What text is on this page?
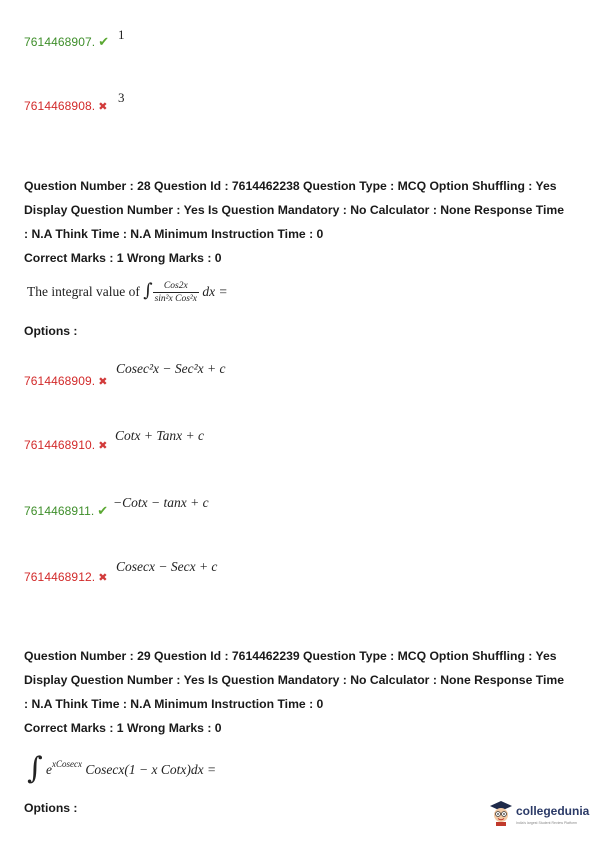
7614468907. ✔ 1
7614468908. ✖
3
Question Number : 28 Question Id : 7614462238 Question Type : MCQ Option Shuffling : Yes
Display Question Number : Yes Is Question Mandatory : No Calculator : None Response Time
: N.A Think Time : N.A Minimum Instruction Time : 0
Correct Marks : 1 Wrong Marks : 0
The integral value of ∫ $\frac{\text{Cos2x}}{\text{sin²x Cos²x}}$ dx =
Options :
7614468909. ✖
Cosec²x − Sec²x + c
7614468910. ✖
Cotx + Tanx + c
7614468911. ✔
−Cotx − tanx + c
7614468912. ✖
Cosecx − Secx + c
Question Number : 29 Question Id : 7614462239 Question Type : MCQ Option Shuffling : Yes
Display Question Number : Yes Is Question Mandatory : No Calculator : None Response Time
: N.A Think Time : N.A Minimum Instruction Time : 0
Correct Marks : 1 Wrong Marks : 0
∫ $e^{xCosecx}$ Cosecx(1 − x Cotx)dx =
Options :	collegedunia
India's largest Student Review Platform
